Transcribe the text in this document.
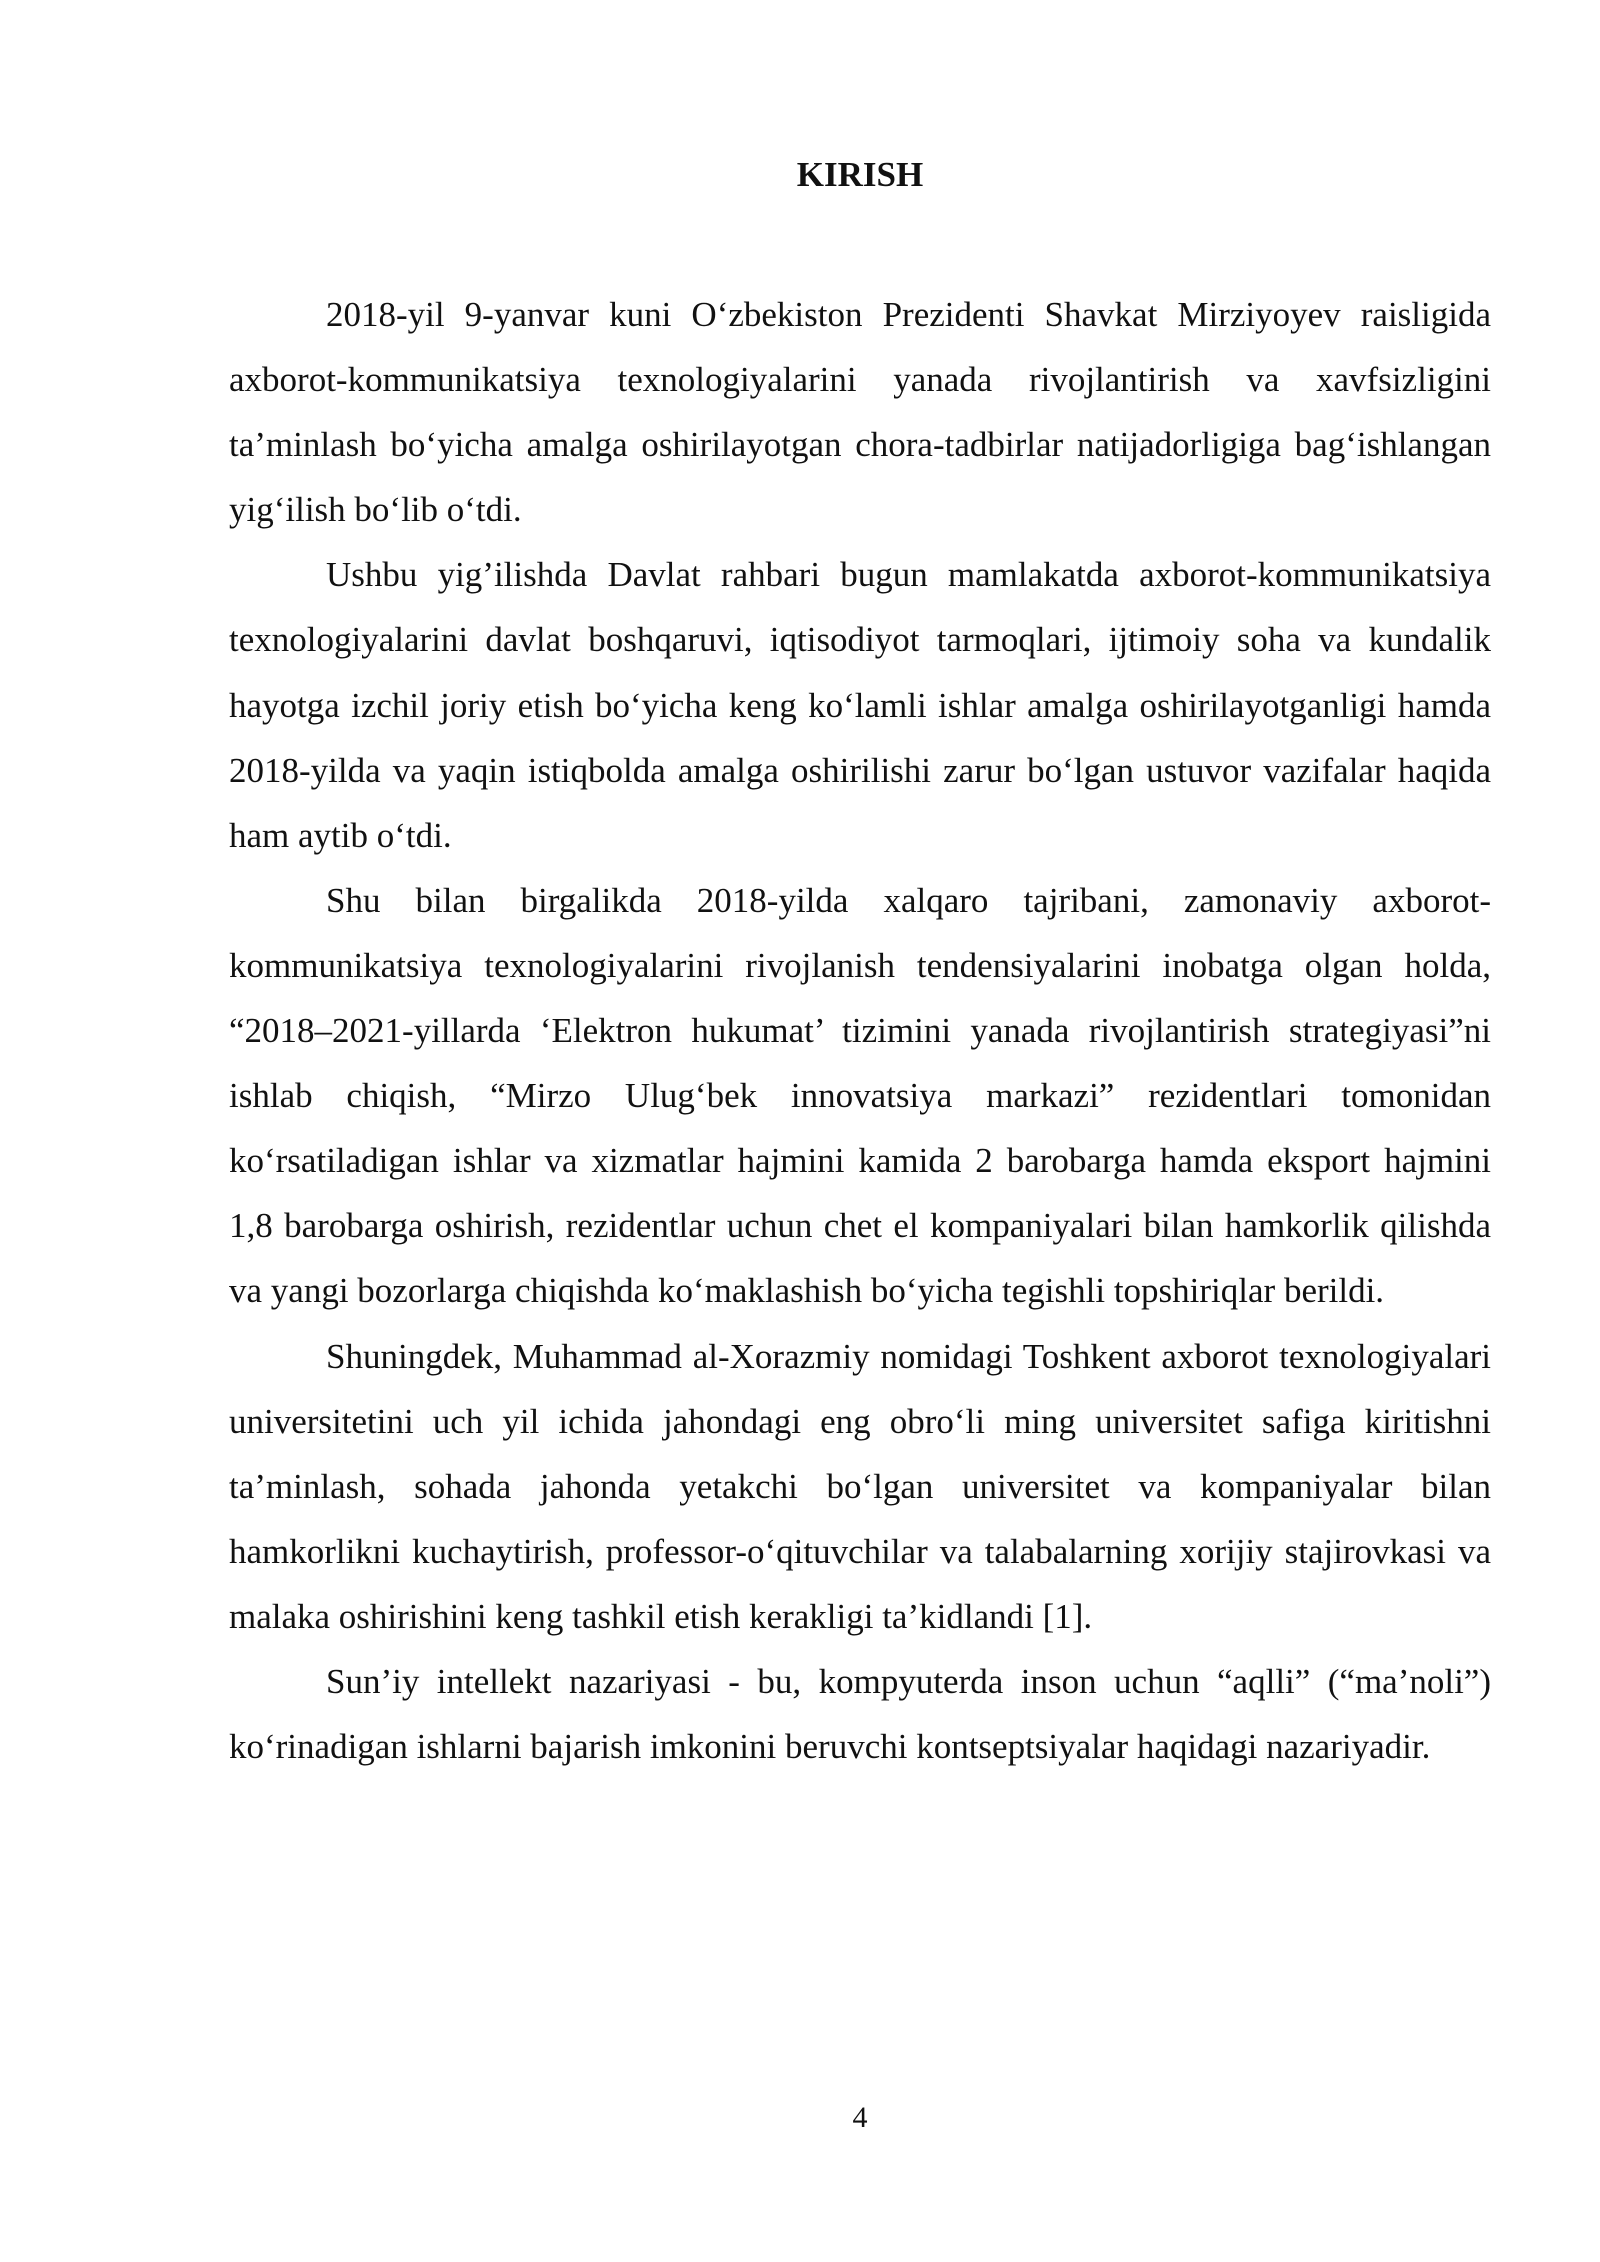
KIRISH

2018-yil 9-yanvar kuni O‘zbekiston Prezidenti Shavkat Mirziyoyev raisligida axborot-kommunikatsiya texnologiyalarini yanada rivojlantirish va xavfsizligini ta’minlash bo‘yicha amalga oshirilayotgan chora-tadbirlar natijadorligiga bag‘ishlangan yig‘ilish bo‘lib o‘tdi.

Ushbu yig’ilishda Davlat rahbari bugun mamlakatda axborot-kommunikatsiya texnologiyalarini davlat boshqaruvi, iqtisodiyot tarmoqlari, ijtimoiy soha va kundalik hayotga izchil joriy etish bo‘yicha keng ko‘lamli ishlar amalga oshirilayotganligi hamda 2018-yilda va yaqin istiqbolda amalga oshirilishi zarur bo‘lgan ustuvor vazifalar haqida ham aytib o‘tdi.

Shu bilan birgalikda 2018-yilda xalqaro tajribani, zamonaviy axborot-kommunikatsiya texnologiyalarini rivojlanish tendensiyalarini inobatga olgan holda, “2018–2021-yillarda ‘Elektron hukumat’ tizimini yanada rivojlantirish strategiyasi”ni ishlab chiqish, “Mirzo Ulug‘bek innovatsiya markazi” rezidentlari tomonidan ko‘rsatiladigan ishlar va xizmatlar hajmini kamida 2 barobarga hamda eksport hajmini 1,8 barobarga oshirish, rezidentlar uchun chet el kompaniyalari bilan hamkorlik qilishda va yangi bozorlarga chiqishda ko‘maklashish bo‘yicha tegishli topshiriqlar berildi.

Shuningdek, Muhammad al-Xorazmiy nomidagi Toshkent axborot texnologiyalari universitetini uch yil ichida jahondagi eng obro‘li ming universitet safiga kiritishni ta’minlash, sohada jahonda yetakchi bo‘lgan universitet va kompaniyalar bilan hamkorlikni kuchaytirish, professor-o‘qituvchilar va talabalarning xorijiy stajirovkasi va malaka oshirishini keng tashkil etish kerakligi ta’kidlandi [1].

Sun’iy intellekt nazariyasi - bu, kompyuterda inson uchun “aqlli” (“ma’noli”) ko‘rinadigan ishlarni bajarish imkonini beruvchi kontseptsiyalar haqidagi nazariyadir.

4
